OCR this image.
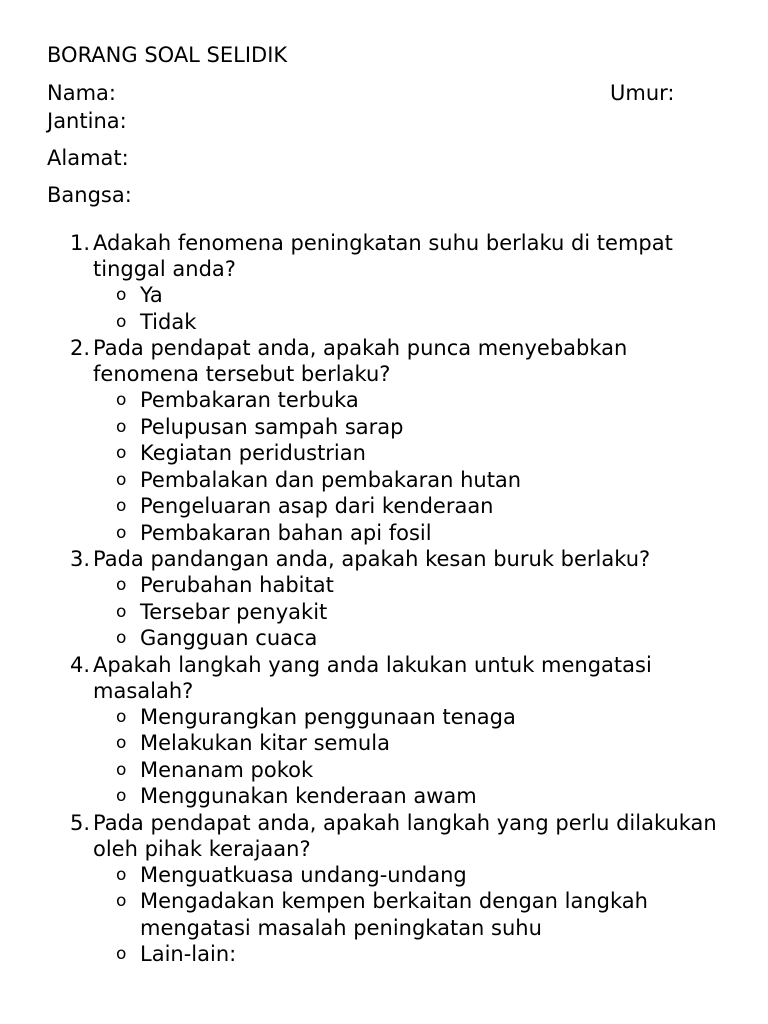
BORANG SOAL SELIDIK

Nama:	Umur:

Jantina:

Alamat:

Bangsa:

1. Adakah fenomena peningkatan suhu berlaku di tempat tinggal anda?
o Ya
o Tidak
2. Pada pendapat anda, apakah punca menyebabkan fenomena tersebut berlaku?
o Pembakaran terbuka
o Pelupusan sampah sarap
o Kegiatan peridustrian
o Pembalakan dan pembakaran hutan
o Pengeluaran asap dari kenderaan
o Pembakaran bahan api fosil
3. Pada pandangan anda, apakah kesan buruk berlaku?
o Perubahan habitat
o Tersebar penyakit
o Gangguan cuaca
4. Apakah langkah yang anda lakukan untuk mengatasi masalah?
o Mengurangkan penggunaan tenaga
o Melakukan kitar semula
o Menanam pokok
o Menggunakan kenderaan awam
5. Pada pendapat anda, apakah langkah yang perlu dilakukan oleh pihak kerajaan?
o Menguatkuasa undang-undang
o Mengadakan kempen berkaitan dengan langkah mengatasi masalah peningkatan suhu
o Lain-lain:
